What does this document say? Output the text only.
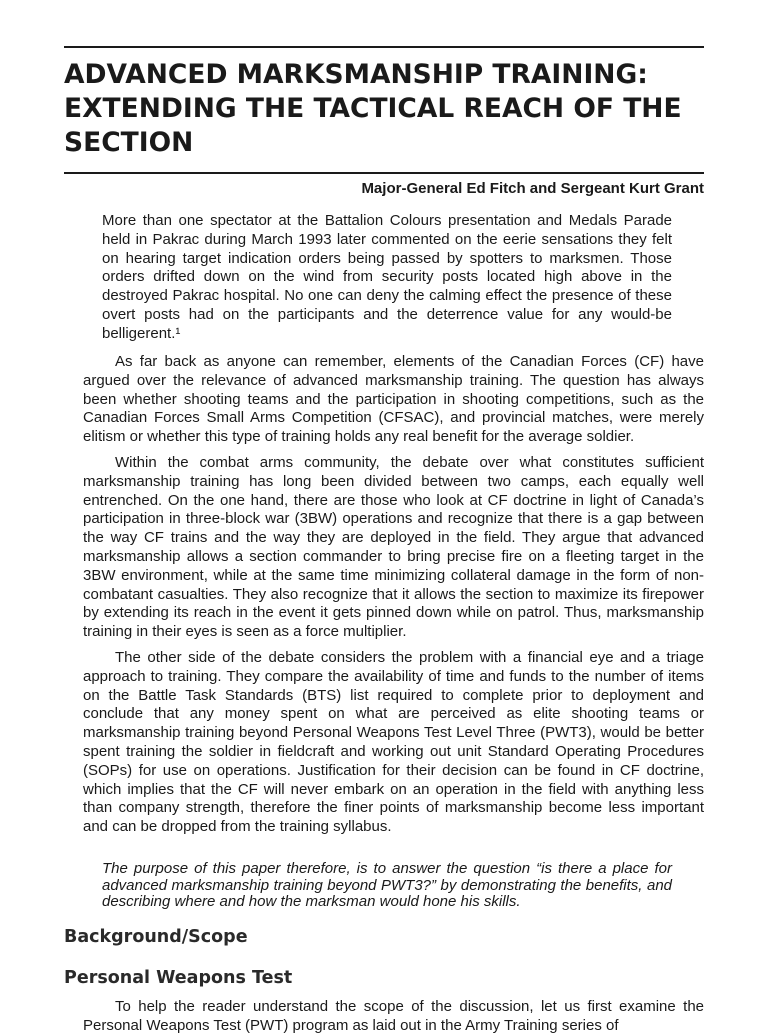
ADVANCED MARKSMANSHIP TRAINING: EXTENDING THE TACTICAL REACH OF THE SECTION
Major-General Ed Fitch and Sergeant Kurt Grant

More than one spectator at the Battalion Colours presentation and Medals Parade held in Pakrac during March 1993 later commented on the eerie sensations they felt on hearing target indication orders being passed by spotters to marksmen. Those orders drifted down on the wind from security posts located high above in the destroyed Pakrac hospital. No one can deny the calming effect the presence of these overt posts had on the participants and the deterrence value for any would-be belligerent.¹

As far back as anyone can remember, elements of the Canadian Forces (CF) have argued over the relevance of advanced marksmanship training. The question has always been whether shooting teams and the participation in shooting competitions, such as the Canadian Forces Small Arms Competition (CFSAC), and provincial matches, were merely elitism or whether this type of training holds any real benefit for the average soldier.

Within the combat arms community, the debate over what constitutes sufficient marksmanship training has long been divided between two camps, each equally well entrenched. On the one hand, there are those who look at CF doctrine in light of Canada’s participation in three-block war (3BW) operations and recognize that there is a gap between the way CF trains and the way they are deployed in the field. They argue that advanced marksmanship allows a section commander to bring precise fire on a fleeting target in the 3BW environment, while at the same time minimizing collateral damage in the form of non-combatant casualties. They also recognize that it allows the section to maximize its firepower by extending its reach in the event it gets pinned down while on patrol. Thus, marksmanship training in their eyes is seen as a force multiplier.

The other side of the debate considers the problem with a financial eye and a triage approach to training. They compare the availability of time and funds to the number of items on the Battle Task Standards (BTS) list required to complete prior to deployment and conclude that any money spent on what are perceived as elite shooting teams or marksmanship training beyond Personal Weapons Test Level Three (PWT3), would be better spent training the soldier in fieldcraft and working out unit Standard Operating Procedures (SOPs) for use on operations. Justification for their decision can be found in CF doctrine, which implies that the CF will never embark on an operation in the field with anything less than company strength, therefore the finer points of marksmanship become less important and can be dropped from the training syllabus.

The purpose of this paper therefore, is to answer the question “is there a place for advanced marksmanship training beyond PWT3?” by demonstrating the benefits, and describing where and how the marksman would hone his skills.

Background/Scope
Personal Weapons Test

To help the reader understand the scope of the discussion, let us first examine the Personal Weapons Test (PWT) program as laid out in the Army Training series of
